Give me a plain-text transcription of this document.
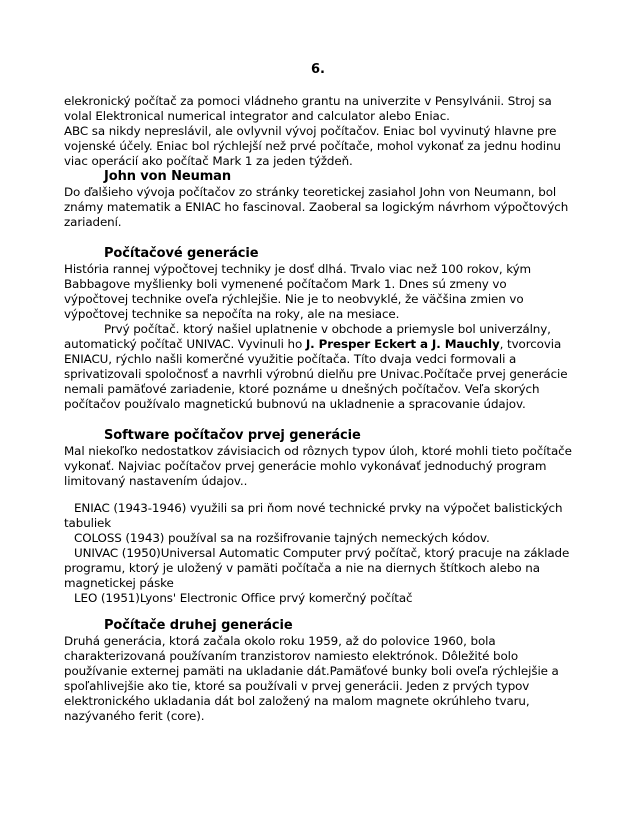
6.

elekronický počítač za pomoci vládneho grantu na univerzite v Pensylvánii. Stroj sa volal Elektronical numerical integrator and calculator alebo Eniac.

ABC sa nikdy nepreslávil, ale ovlyvnil vývoj počítačov. Eniac bol vyvinutý hlavne pre vojenské účely. Eniac bol rýchlejší než prvé počítače, mohol vykonať za jednu hodinu viac operácií ako počítač Mark 1 za jeden týždeň.

John von Neuman

Do ďalšieho vývoja počítačov zo stránky teoretickej zasiahol John von Neumann, bol známy matematik a ENIAC ho fascinoval. Zaoberal sa logickým návrhom výpočtových zariadení.

Počítačové generácie

História rannej výpočtovej techniky je dosť dlhá. Trvalo viac než 100 rokov, kým Babbagove myšlienky boli vymenené počítačom Mark 1. Dnes sú zmeny vo výpočtovej technike oveľa rýchlejšie. Nie je to neobvyklé, že väčšina zmien vo výpočtovej technike sa nepočíta na roky, ale na mesiace.

Prvý počítač. ktorý našiel uplatnenie v obchode a priemysle bol univerzálny, automatický počítač UNIVAC. Vyvinuli ho J. Presper Eckert a J. Mauchly, tvorcovia ENIACU, rýchlo našli komerčné využitie počítača. Títo dvaja vedci formovali a sprivatizovali spoločnosť a navrhli výrobnú dielňu pre Univac.Počítače prvej generácie nemali pamäťové zariadenie, ktoré poznáme u dnešných počítačov. Veľa skorých počítačov používalo magnetickú bubnovú na ukladnenie a spracovanie údajov.

Software počítačov prvej generácie

Mal niekoľko nedostatkov závisiacich od rôznych typov úloh, ktoré mohli tieto počítače vykonať. Najviac počítačov prvej generácie mohlo vykonávať jednoduchý program limitovaný nastavením údajov..

ENIAC (1943-1946) využili sa pri ňom nové technické prvky na výpočet balistických tabuliek

COLOSS (1943) používal sa na rozšifrovanie tajných nemeckých kódov.

UNIVAC (1950)Universal Automatic Computer prvý počítač, ktorý pracuje na základe programu, ktorý je uložený v pamäti počítača a nie na diernych štítkoch alebo na magnetickej páske

LEO (1951)Lyons' Electronic Office prvý komerčný počítač

Počítače druhej generácie

Druhá generácia, ktorá začala okolo roku 1959, až do polovice 1960, bola charakterizovaná používaním tranzistorov namiesto elektrónok. Dôležité bolo používanie externej pamäti na ukladanie dát.Pamäťové bunky boli oveľa rýchlejšie a spoľahlivejšie ako tie, ktoré sa používali v prvej generácii. Jeden z prvých typov elektronického ukladania dát bol založený na malom magnete okrúhleho tvaru, nazývaného ferit (core).
